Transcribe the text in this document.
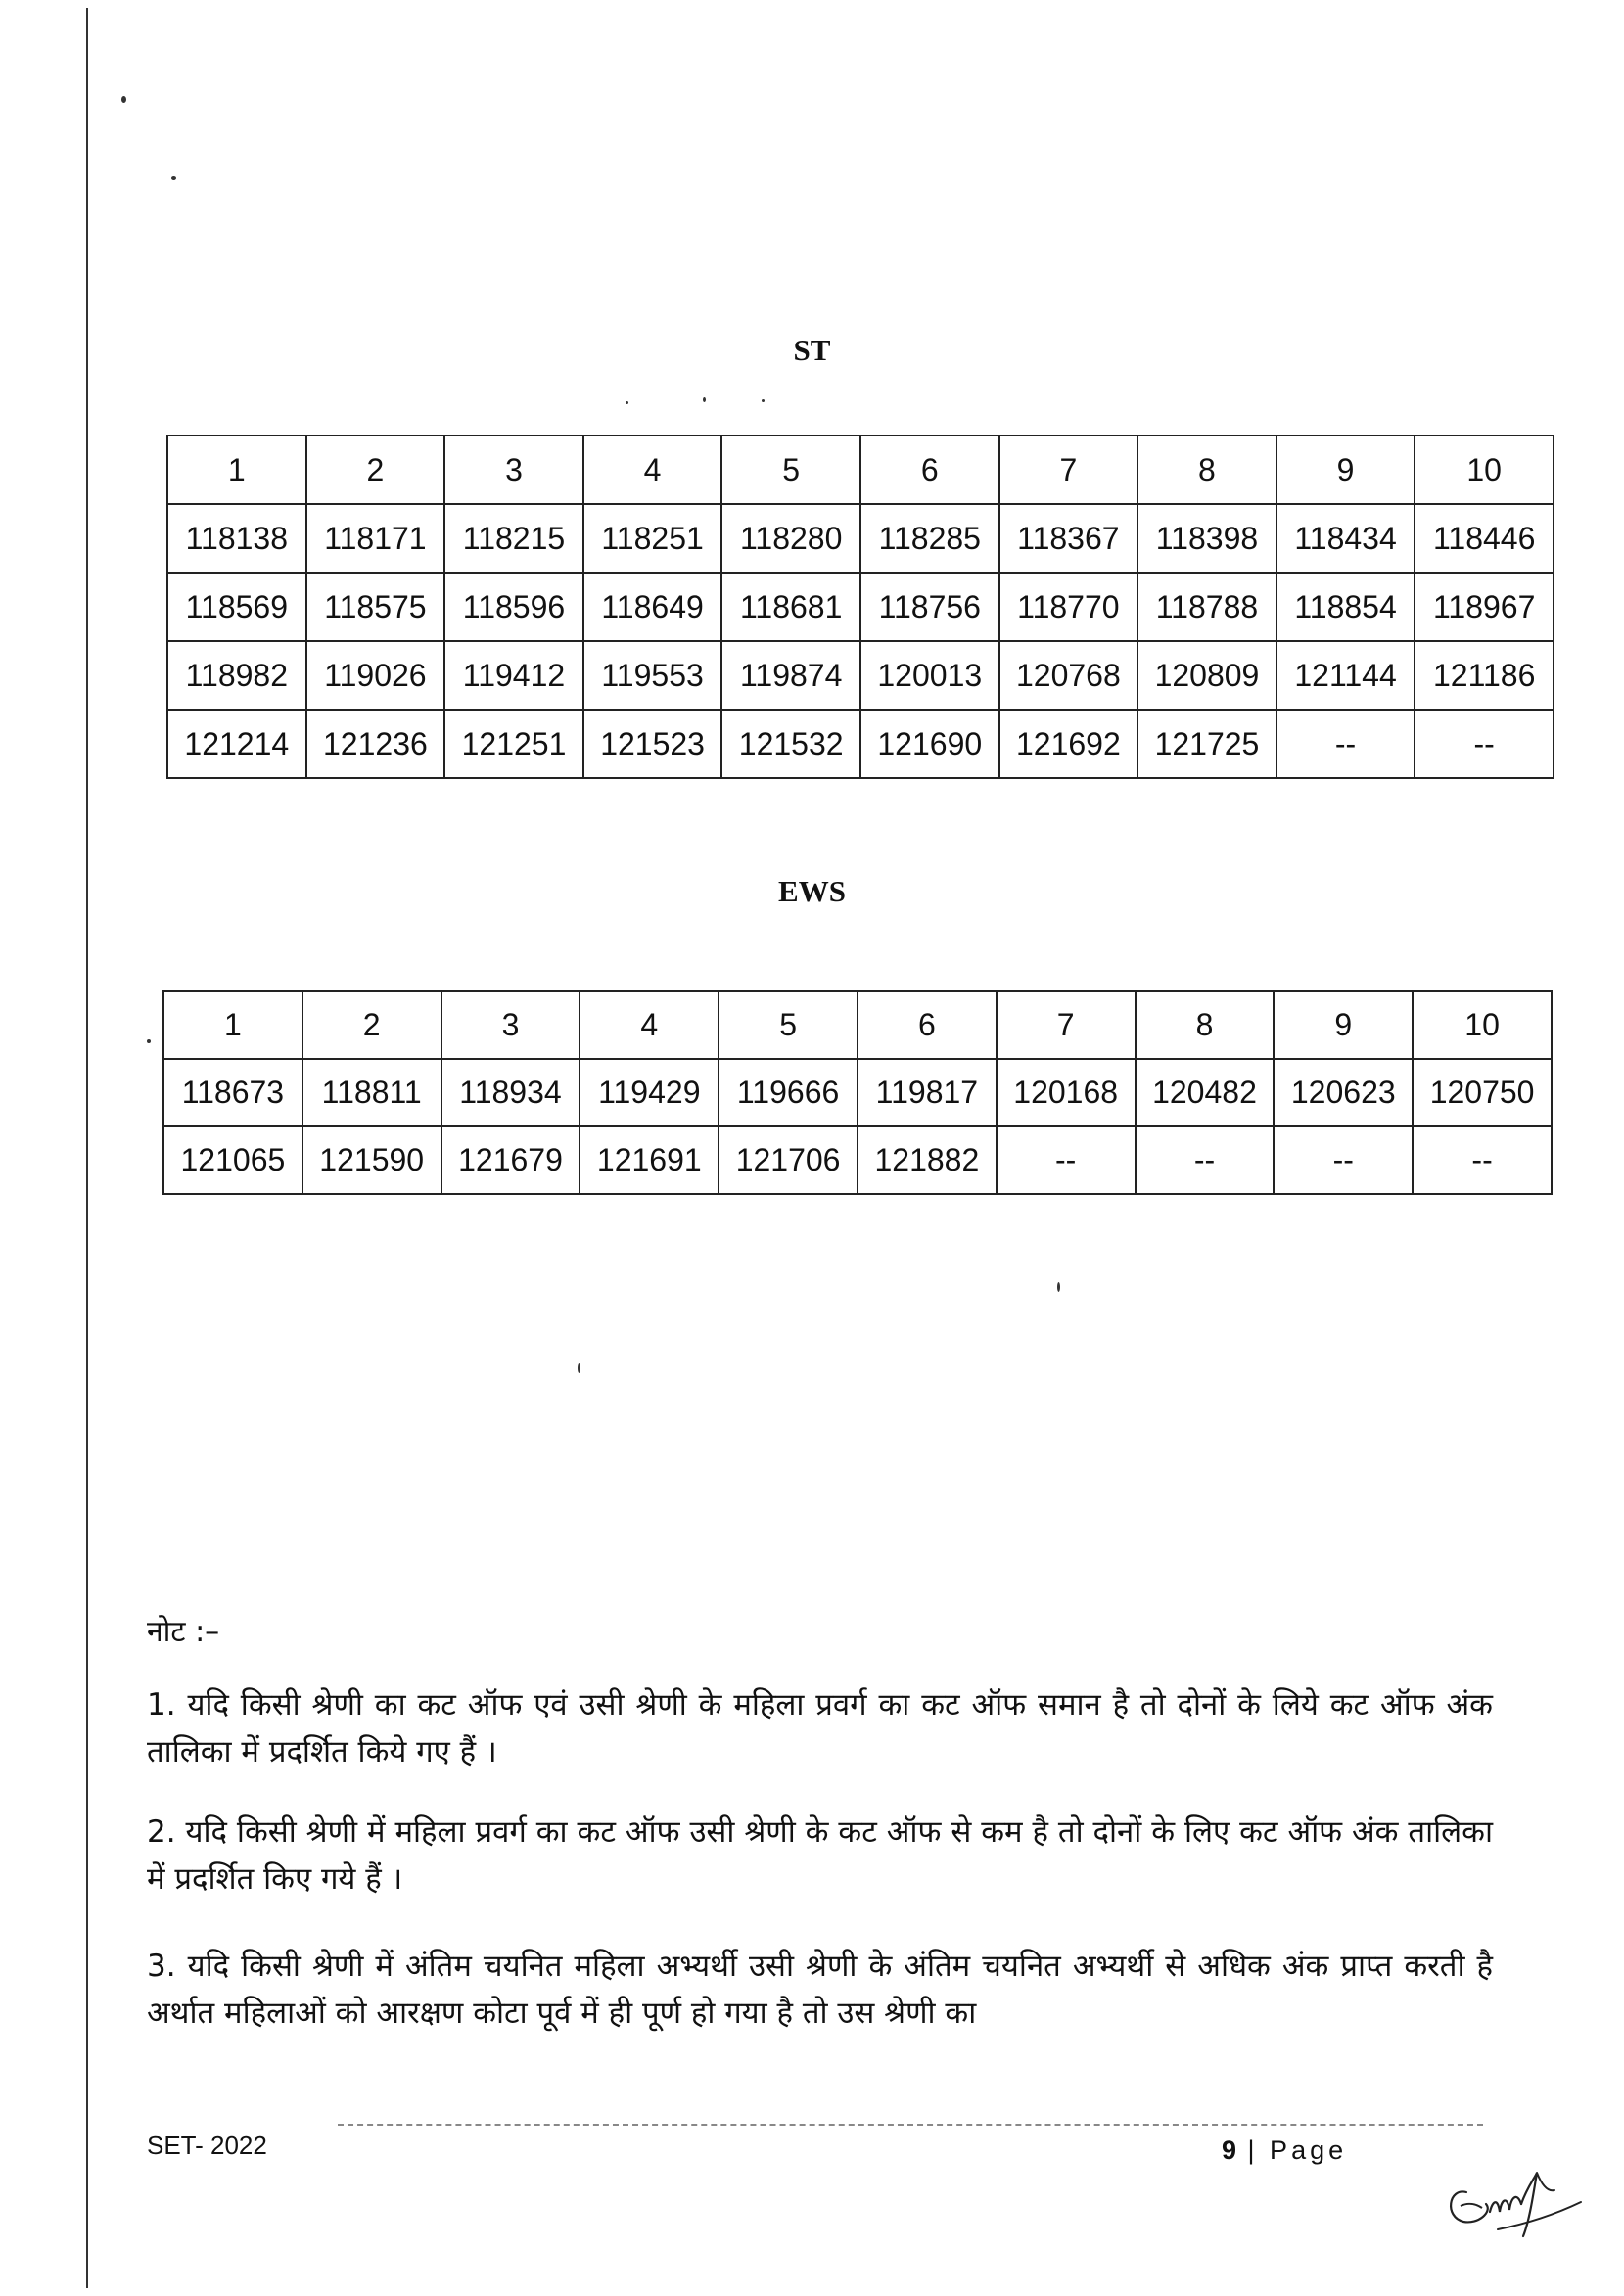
ST
1	2	3	4	5	6	7	8	9	10
118138	118171	118215	118251	118280	118285	118367	118398	118434	118446
118569	118575	118596	118649	118681	118756	118770	118788	118854	118967
118982	119026	119412	119553	119874	120013	120768	120809	121144	121186
121214	121236	121251	121523	121532	121690	121692	121725	--	--
EWS
1	2	3	4	5	6	7	8	9	10
118673	118811	118934	119429	119666	119817	120168	120482	120623	120750
121065	121590	121679	121691	121706	121882	--	--	--	--
नोट :–
1. यदि किसी श्रेणी का कट ऑफ एवं उसी श्रेणी के महिला प्रवर्ग का कट ऑफ समान है तो दोनों के लिये कट ऑफ अंक तालिका में प्रदर्शित किये गए हैं ।
2. यदि किसी श्रेणी में महिला प्रवर्ग का कट ऑफ उसी श्रेणी के कट ऑफ से कम है तो दोनों के लिए कट ऑफ अंक तालिका में प्रदर्शित किए गये हैं ।
3. यदि किसी श्रेणी में अंतिम चयनित महिला अभ्यर्थी उसी श्रेणी के अंतिम चयनित अभ्यर्थी से अधिक अंक प्राप्त करती है अर्थात महिलाओं को आरक्षण कोटा पूर्व में ही पूर्ण हो गया है तो उस श्रेणी का
SET- 2022	9 | Page
